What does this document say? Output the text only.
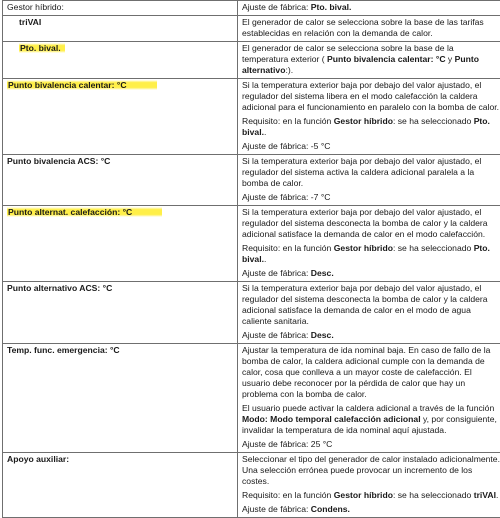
Gestor híbrido:	Ajuste de fábrica: Pto. bival.

triVAI	El generador de calor se selecciona sobre la base de las tarifas establecidas en relación con la demanda de calor.

Pto. bival.	El generador de calor se selecciona sobre la base de la temperatura exterior ( Punto bivalencia calentar: °C y Punto alternativo:).

Punto bivalencia calentar: °C	Si la temperatura exterior baja por debajo del valor ajustado, el regulador del sistema libera en el modo calefacción la caldera adicional para el funcionamiento en paralelo con la bomba de calor.

Requisito: en la función Gestor híbrido: se ha seleccionado Pto. bival..

Ajuste de fábrica: -5 °C

Punto bivalencia ACS: °C	Si la temperatura exterior baja por debajo del valor ajustado, el regulador del sistema activa la caldera adicional paralela a la bomba de calor.

Ajuste de fábrica: -7 °C

Punto alternat. calefacción: °C	Si la temperatura exterior baja por debajo del valor ajustado, el regulador del sistema desconecta la bomba de calor y la caldera adicional satisface la demanda de calor en el modo calefacción.

Requisito: en la función Gestor híbrido: se ha seleccionado Pto. bival..

Ajuste de fábrica: Desc.

Punto alternativo ACS: °C	Si la temperatura exterior baja por debajo del valor ajustado, el regulador del sistema desconecta la bomba de calor y la caldera adicional satisface la demanda de calor en el modo de agua caliente sanitaria.

Ajuste de fábrica: Desc.

Temp. func. emergencia: °C	Ajustar la temperatura de ida nominal baja. En caso de fallo de la bomba de calor, la caldera adicional cumple con la demanda de calor, cosa que conlleva a un mayor coste de calefacción. El usuario debe reconocer por la pérdida de calor que hay un problema con la bomba de calor.

El usuario puede activar la caldera adicional a través de la función Modo: Modo temporal calefacción adicional y, por consiguiente, invalidar la temperatura de ida nominal aquí ajustada.

Ajuste de fábrica: 25 °C

Apoyo auxiliar:	Seleccionar el tipo del generador de calor instalado adicionalmente. Una selección errónea puede provocar un incremento de los costes.

Requisito: en la función Gestor híbrido: se ha seleccionado triVAI.

Ajuste de fábrica: Condens.
